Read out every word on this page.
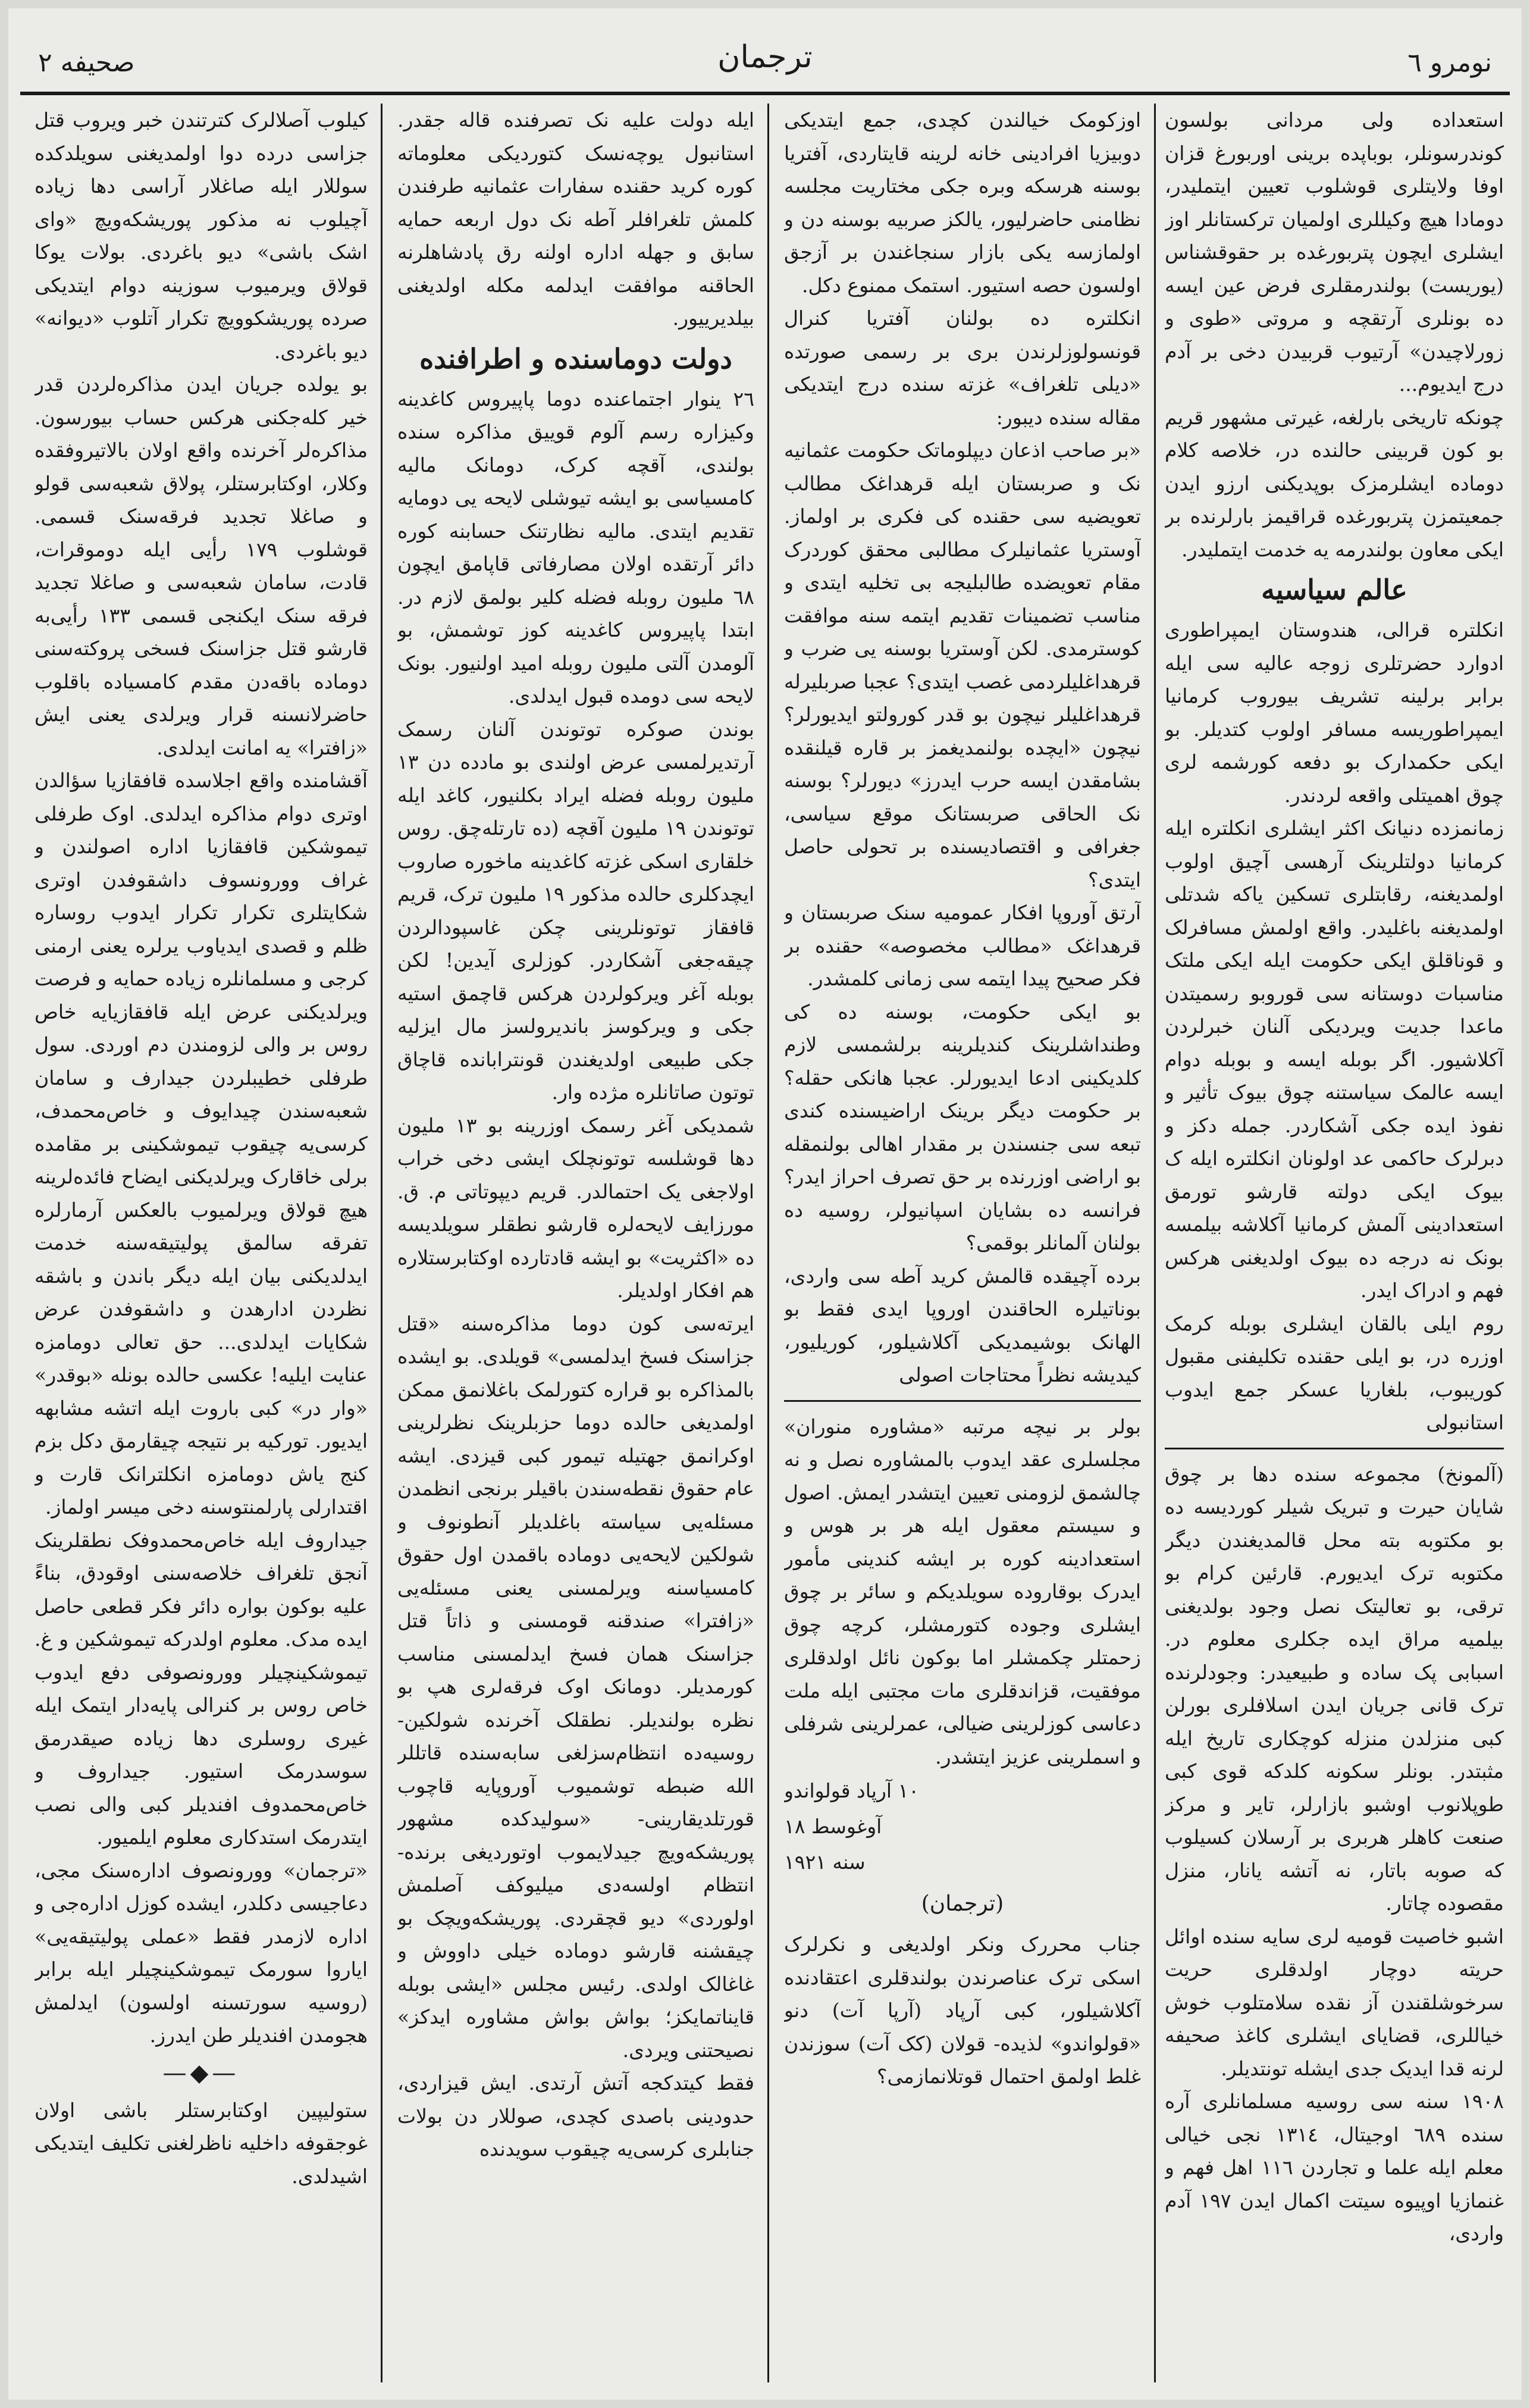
نومرو ٦
ترجمان
صحیفه ۲

استعداده ولی مردانی بولسون کوندرسونلر، بوباپده برینی اوربورغ قزان اوفا ولایتلری قوشلوب تعیین ایتملیدر، دومادا هیچ وکیللری اولمیان ترکستانلر اوز ایشلری ایچون پتربورغده بر حقوقشناس (یوریست) بولندرمقلری فرض عین ایسه ده بونلری آرتقچه و مروتی «طوی و زورلاچیدن» آرتیوب قربیدن دخی بر آدم درج ایدیوم...

چونکه تاریخی بارلغه، غیرتی مشهور قریم بو کون قربینی حالنده در، خلاصه کلام دوماده ایشلرمزک بوپدیکنی ارزو ایدن جمعیتمزن پتربورغده قراقیمز بارلرنده بر ایکی معاون بولندرمه یه خدمت ایتملیدر.

عالم سیاسیه

انکلتره قرالی، هندوستان ایمپراطوری ادوارد حضرتلری زوجه عالیه سی ایله برابر برلینه تشریف بیوروب کرمانیا ایمپراطوریسه مسافر اولوب کتدیلر. بو ایکی حکمدارک بو دفعه کورشمه لری چوق اهمیتلی واقعه لردندر.

زمانمزده دنیانک اکثر ایشلری انکلتره ایله کرمانیا دولتلرینک آرهسی آچیق اولوب اولمدیغنه، رقابتلری تسکین یاکه شدتلی اولمدیغنه باغلیدر. واقع اولمش مسافرلک و قوناقلق ایکی حکومت ایله ایکی ملتک مناسبات دوستانه سی قوروبو رسمیتدن ماعدا جدیت ویردیکی آلنان خبرلردن آکلاشیور. اگر بوبله ایسه و بوبله دوام ایسه عالمک سیاستنه چوق بیوک تأثیر و نفوذ ایده جکی آشکاردر. جمله دکز و دبرلرک حاکمی عد اولونان انکلتره ایله ک بیوک ایکی دولته قارشو تورمق استعدادینی آلمش کرمانیا آکلاشه بیلمسه بونک نه درجه ده بیوک اولدیغنی هرکس فهم و ادراک ایدر.

روم ایلی بالقان ایشلری بوبله کرمک اوزره در، بو ایلی حقنده تکلیفنی مقبول کوریبوب، بلغاریا عسکر جمع ایدوب استانبولی

(آلمونخ) مجموعه سنده دها بر چوق شایان حیرت و تبریک شیلر کوردیسه ده بو مکتوبه بته محل قالمدیغندن دیگر مکتوبه ترک ایدیورم. قارئین کرام بو ترقی، بو تعالیتک نصل وجود بولدیغنی بیلمیه مراق ایده جکلری معلوم در. اسبابی پک ساده و طبیعیدر: وجودلرنده ترک قانی جریان ایدن اسلافلری بورلن کبی منزلدن منزله کوچکاری تاریخ ایله مثبتدر. بونلر سکونه کلدکه قوی کبی طوپلانوب اوشبو بازارلر، تایر و مرکز صنعت کاهلر هربری بر آرسلان کسیلوب که صوبه باتار، نه آتشه یانار، منزل مقصوده چاتار.

اشبو خاصیت قومیه لری سایه سنده اوائل حریته دوچار اولدقلری حریت سرخوشلقندن آز نقده سلامتلوب خوش خیاللری، قضایای ایشلری کاغذ صحیفه لرنه قدا ایدیک جدی ایشله تونتدیلر.

١٩٠٨ سنه سی روسیه مسلمانلری آره سنده ٦٨٩ اوجیتال، ١٣١٤ نجی خیالی معلم ایله علما و تجاردن ١١٦ اهل فهم و غنمازیا اوپیوه سیتت اکمال ایدن ١٩٧ آدم واردی،

اوزکومک خیالندن کچدی، جمع ایتدیکی دوبیزیا افرادینی خانه لرینه قایتاردی، آفتریا بوسنه هرسکه وبره جکی مختاریت مجلسه نظامنی حاضرلیور، یالکز صربیه بوسنه دن و اولمازسه یکی بازار سنجاغندن بر آزجق اولسون حصه استیور. استمک ممنوع دکل.

انکلتره ده بولنان آفتریا کنرال قونسولوزلرندن بری بر رسمی صورتده «دیلی تلغراف» غزته سنده درج ایتدیکی مقاله سنده دیبور:

«بر صاحب اذعان دیپلوماتک حکومت عثمانیه نک و صربستان ایله قرهداغک مطالب تعویضیه سی حقنده کی فکری بر اولماز. آوستریا عثمانیلرک مطالبی محقق کوردرک مقام تعویضده طالبلیجه بی تخلیه ایتدی و مناسب تضمینات تقدیم ایتمه سنه موافقت کوسترمدی. لکن آوستریا بوسنه یی ضرب و قرهداغلیلردمی غصب ایتدی؟ عجبا صربلیرله قرهداغلیلر نیچون بو قدر کورولتو ایدیورلر؟ نیچون «ایچده بولنمدیغمز بر قاره قیلنقده بشامقدن ایسه حرب ایدرز» دیورلر؟ بوسنه نک الحاقی صربستانک موقع سیاسی، جغرافی و اقتصادیسنده بر تحولی حاصل ایتدی؟

آرتق آوروپا افکار عمومیه سنک صربستان و قرهداغک «مطالب مخصوصه» حقنده بر فکر صحیح پیدا ایتمه سی زمانی کلمشدر.

بو ایکی حکومت، بوسنه ده کی وطنداشلرینک کندیلرینه برلشمسی لازم کلدیکینی ادعا ایدیورلر. عجبا هانکی حقله؟ بر حکومت دیگر برینک اراضیسنده کندی تبعه سی جنسندن بر مقدار اهالی بولنمقله بو اراضی اوزرنده بر حق تصرف احراز ایدر؟ فرانسه ده بشایان اسپانیولر، روسیه ده بولنان آلمانلر بوقمی؟

برده آچیقده قالمش کرید آطه سی واردی، بوناتیلره الحاقندن اوروپا ایدی فقط بو الهانک بوشیمدیکی آکلاشیلور، کوریلیور، کیدیشه نظراً محتاجات اصولی

بولر بر نیچه مرتبه «مشاوره منوران» مجلسلری عقد ایدوب بالمشاوره نصل و نه چالشمق لزومنی تعیین ایتشدر ایمش. اصول و سیستم معقول ایله هر بر هوس و استعدادینه کوره بر ایشه کندینی مأمور ایدرک بوقاروده سویلدیکم و سائر بر چوق ایشلری وجوده کتورمشلر، کرچه چوق زحمتلر چکمشلر اما بوکون نائل اولدقلری موفقیت، قزاندقلری مات مجتبی ایله ملت دعاسی کوزلرینی ضیالی، عمرلرینی شرفلی و اسملرینی عزیز ایتشدر.

۱٠ آرپاد قولواندو
آوغوسط ۱۸
سنه ۱٩۲۱
(ترجمان)

جناب محررک ونکر اولدیغی و نکرلرک اسکی ترک عناصرندن بولندقلری اعتقادنده آکلاشیلور، کبی آرپاد (آرپا آت) دنو «قولواندو» لذیده- قولان (کک آت) سوزندن غلط اولمق احتمال قوتلانمازمی؟

ایله دولت علیه نک تصرفنده قاله جقدر. استانبول یوچه‌نسک کتوردیکی معلوماته کوره کرید حقنده سفارات عثمانیه طرفندن کلمش تلغرافلر آطه نک دول اربعه حمایه سابق و جهله اداره اولنه رق پادشاهلرنه الحاقنه موافقت ایدلمه مکله اولدیغنی بیلدیرییور.

دولت دوماسنده و اطرافنده

۲٦ ینوار اجتماعنده دوما پاپیروس کاغدینه وکیزاره رسم آلوم قوییق مذاکره سنده بولندی، آقچه کرک، دومانک مالیه کامسیاسی بو ایشه تیوشلی لایحه یی دومایه تقدیم ایتدی. مالیه نظارتنک حسابنه کوره دائر آرتقده اولان مصارفاتی قاپامق ایچون ٦٨ ملیون روبله فضله کلیر بولمق لازم در. ابتدا پاپیروس کاغدینه کوز توشمش، بو آلومدن آلتی ملیون روبله امید اولنیور. بونک لایحه سی دومده قبول ایدلدی.

بوندن صوکره توتوندن آلنان رسمک آرتدیرلمسی عرض اولندی بو مادده دن ۱۳ ملیون روبله فضله ایراد بکلنیور، کاغد ایله توتوندن ۱۹ ملیون آقچه (ده تارتله‌چق. روس خلقاری اسکی غزته کاغدینه ماخوره صاروب ایچدکلری حالده مذکور ۱۹ ملیون ترک، قریم قافقاز توتونلرینی چکن غاسپودالردن چیقه‌جغی آشکاردر. کوزلری آیدین! لکن بوبله آغر ویرکولردن هرکس قاچمق استیه جکی و ویرکوسز باندیرولسز مال ایزلیه جکی طبیعی اولدیغندن قونترابانده قاچاق توتون صاتانلره مژده وار.

شمدیکی آغر رسمک اوزرینه بو ۱۳ ملیون دها قوشلسه توتونچلک ایشی دخی خراب اولاجغی یک احتمالدر. قریم دیپوتاتی م. ق. مورزایف لایحه‌لره قارشو نطقلر سویلدیسه ده «اکثریت» بو ایشه قادتارده اوکتابرستلاره هم افکار اولدیلر.

ایرته‌سی کون دوما مذاکره‌سنه «قتل جزاسنک فسخ ایدلمسی» قویلدی. بو ایشده بالمذاکره بو قراره کتورلمک باغلانمق ممکن اولمدیغی حالده دوما حزبلرینک نظرلرینی اوکرانمق جهتیله تیمور کبی قیزدی. ایشه عام حقوق نقطه‌سندن باقیلر برنجی انظمدن مسئله‌یی سیاسته باغلدیلر آنطونوف و شولکین لایحه‌یی دوماده باقمدن اول حقوق کامسیاسنه ویرلمسنی یعنی مسئله‌یی «زافترا» صندقنه قومسنی و ذاتاً قتل جزاسنک همان فسخ ایدلمسنی مناسب کورمدیلر. دومانک اوک فرقه‌لری هپ بو نظره بولندیلر. نطقلک آخرنده شولکین- روسیه‌ده انتظام‌سزلغی سابه‌سنده قاتللر الله ضبطه توشمیوب آوروپایه قاچوب قورتلدیقارینی- «سولیدکده مشهور پوریشکه‌ویچ جیدلایموب اوتوردیغی برنده- انتظام اولسه‌دی میلیوکف آصلمش اولوردی» دیو قچقردی. پوریشکه‌ویچک بو چیقشنه قارشو دوماده خیلی داووش و غاغالک اولدی. رئیس مجلس «ایشی بوبله قایناتمایکز؛ بواش بواش مشاوره ایدکز» نصیحتنی ویردی.

فقط کیتدکجه آتش آرتدی. ایش قیزاردی، حدودینی باصدی کچدی، صوللار دن بولات جنابلری کرسی‌یه چیقوب سویدنده

کیلوب آصلالرک کترتندن خبر ویروب قتل جزاسی درده دوا اولمدیغنی سویلدکده سوللار ایله صاغلار آراسی دها زیاده آچیلوب نه مذکور پوریشکه‌ویچ «وای اشک باشی» دیو باغردی. بولات یوکا قولاق ویرمیوب سوزینه دوام ایتدیکی صرده پوریشکوویچ تکرار آتلوب «دیوانه» دیو باغردی.

بو یولده جریان ایدن مذاکره‌لردن قدر خیر کله‌جکنی هرکس حساب بیورسون. مذاکره‌لر آخرنده واقع اولان بالاتیروفقده وکلار، اوکتابرستلر، پولاق شعبه‌سی قولو و صاغلا تجدید فرقه‌سنک قسمی. قوشلوب ۱۷۹ رأیی ایله دوموقرات، قادت، سامان شعبه‌سی و صاغلا تجدید فرقه سنک ایکنجی قسمی ۱۳۳ رأیی‌به قارشو قتل جزاسنک فسخی پروکته‌سنی دوماده باقه‌دن مقدم کامسیاده باقلوب حاضرلانسنه قرار ویرلدی یعنی ایش «زافترا» یه امانت ایدلدی.

آقشامنده واقع اجلاسده قافقازیا سؤالدن اوتری دوام مذاکره ایدلدی. اوک طرفلی تیموشکین قافقازیا اداره اصولندن و غراف وورونسوف داشقوفدن اوتری شکایتلری تکرار تکرار ایدوب روساره ظلم و قصدی ایدیاوب یرلره یعنی ارمنی کرجی و مسلمانلره زیاده حمایه و فرصت ویرلدیکنی عرض ایله قافقازیایه خاص روس بر والی لزومندن دم اوردی. سول طرفلی خطیبلردن جیدارف و سامان شعبه‌سندن چیدایوف و خاص‌محمدف، کرسی‌یه چیقوب تیموشکینی بر مقامده برلی خاقارک ویرلدیکنی ایضاح فائده‌لرینه هیچ قولاق ویرلمیوب بالعکس آرمارلره تفرقه سالمق پولیتیقه‌سنه خدمت ایدلدیکنی بیان ایله دیگر باندن و باشقه نظردن ادارهدن و داشقوفدن عرض شکایات ایدلدی... حق تعالی دومامزه عنایت ایلیه! عکسی حالده بونله «بوقدر» «وار در» کبی باروت ایله اتشه مشابهه ایدیور. تورکیه بر نتیجه چیقارمق دکل بزم کنج یاش دومامزه انکلترانک قارت و اقتدارلی پارلمنتوسنه دخی میسر اولماز.

جیداروف ایله خاص‌محمدوفک نطقلرینک آنجق تلغراف خلاصه‌سنی اوقودق، بناءً علیه بوکون بواره دائر فکر قطعی حاصل ایده مدک. معلوم اولدرکه تیموشکین و غ. تیموشکینچیلر وورونصوفی دفع ایدوب خاص روس بر کنرالی پایه‌دار ایتمک ایله غیری روسلری دها زیاده صیقدرمق سوسدرمک استیور. جیداروف و خاص‌محمدوف افندیلر کبی والی نصب ایتدرمک استدکاری معلوم ایلمیور.

«ترجمان» وورونصوف اداره‌سنک مجی، دعاجیسی دکلدر، ایشده کوزل اداره‌جی و اداره لازمدر فقط «عملی پولیتیقه‌یی» ایاروا سورمک تیموشکینچیلر ایله برابر (روسیه سورتسنه اولسون) ایدلمش هجومدن افندیلر طن ایدرز.

—◆—

ستولیپین اوکتابرستلر باشی اولان غوجقوفه داخلیه ناظرلغنی تکلیف ایتدیکی اشیدلدی.
